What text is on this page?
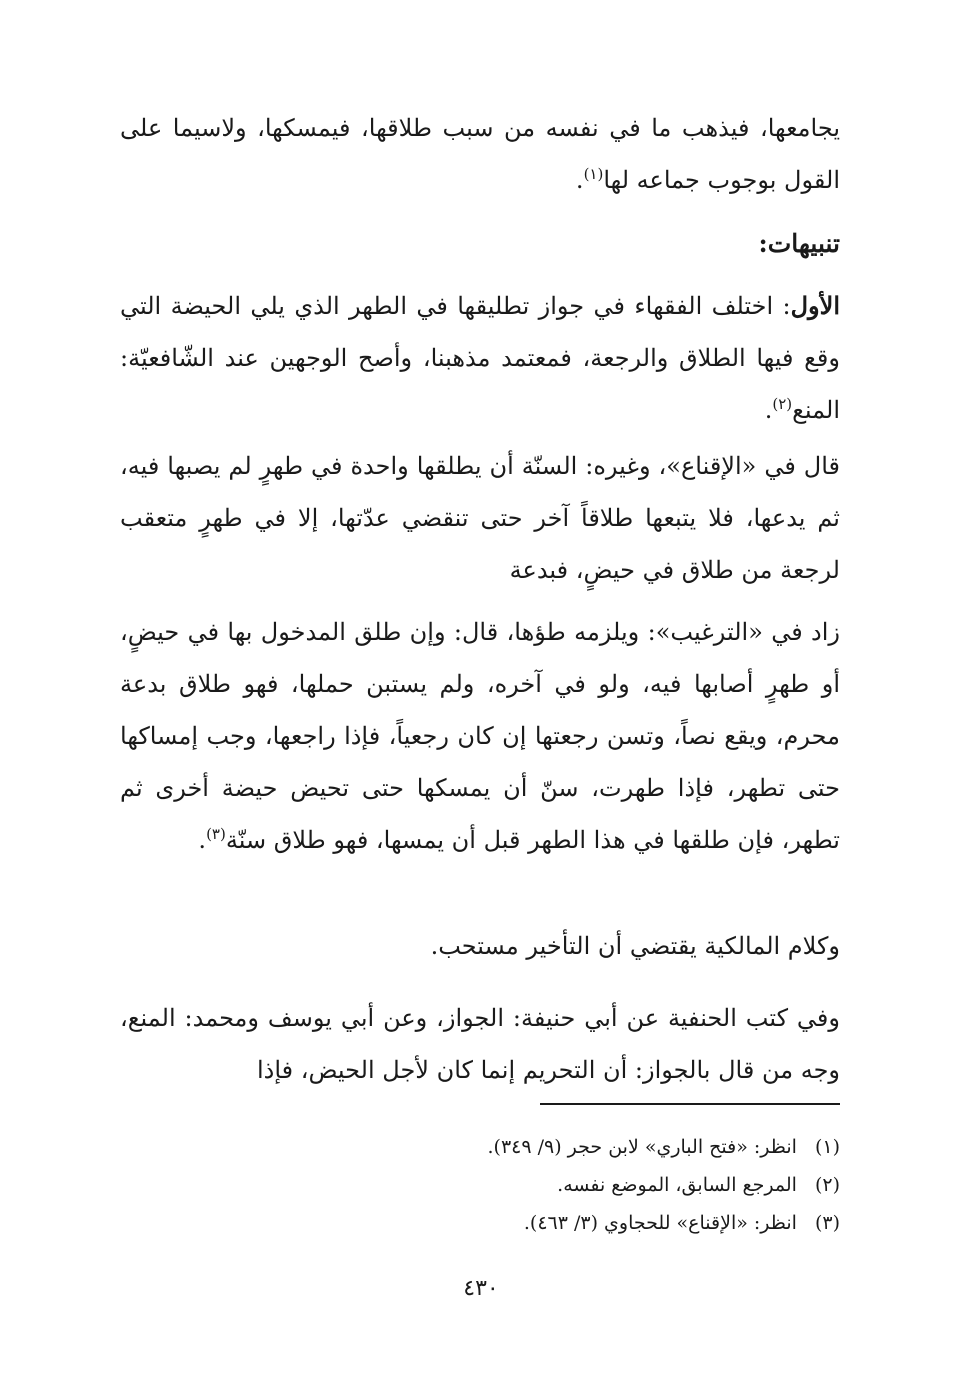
يجامعها، فيذهب ما في نفسه من سبب طلاقها، فيمسكها، ولاسيما على القول بوجوب جماعه لها$^{(١)}$.

تنبيهات:

الأول: اختلف الفقهاء في جواز تطليقها في الطهر الذي يلي الحيضة التي وقع فيها الطلاق والرجعة، فمعتمد مذهبنا، وأصح الوجهين عند الشّافعيّة: المنع$^{(٢)}$.

قال في «الإقناع»، وغيره: السنّة أن يطلقها واحدة في طهرٍ لم يصبها فيه، ثم يدعها، فلا يتبعها طلاقاً آخر حتى تنقضي عدّتها، إلا في طهرٍ متعقب لرجعة من طلاق في حيضٍ، فبدعة

زاد في «الترغيب»: ويلزمه طؤها، قال: وإن طلق المدخول بها في حيضٍ، أو طهرٍ أصابها فيه، ولو في آخره، ولم يستبن حملها، فهو طلاق بدعة محرم، ويقع نصاً، وتسن رجعتها إن كان رجعياً، فإذا راجعها، وجب إمساكها حتى تطهر، فإذا طهرت، سنّ أن يمسكها حتى تحيض حيضة أخرى ثم تطهر، فإن طلقها في هذا الطهر قبل أن يمسها، فهو طلاق سنّة$^{(٣)}$.

وكلام المالكية يقتضي أن التأخير مستحب.

وفي كتب الحنفية عن أبي حنيفة: الجواز، وعن أبي يوسف ومحمد: المنع، وجه من قال بالجواز: أن التحريم إنما كان لأجل الحيض، فإذا

(١)انظر: «فتح الباري» لابن حجر (٩/ ٣٤٩).

(٢)المرجع السابق، الموضع نفسه.

(٣)انظر: «الإقناع» للحجاوي (٣/ ٤٦٣).

٤٣٠
